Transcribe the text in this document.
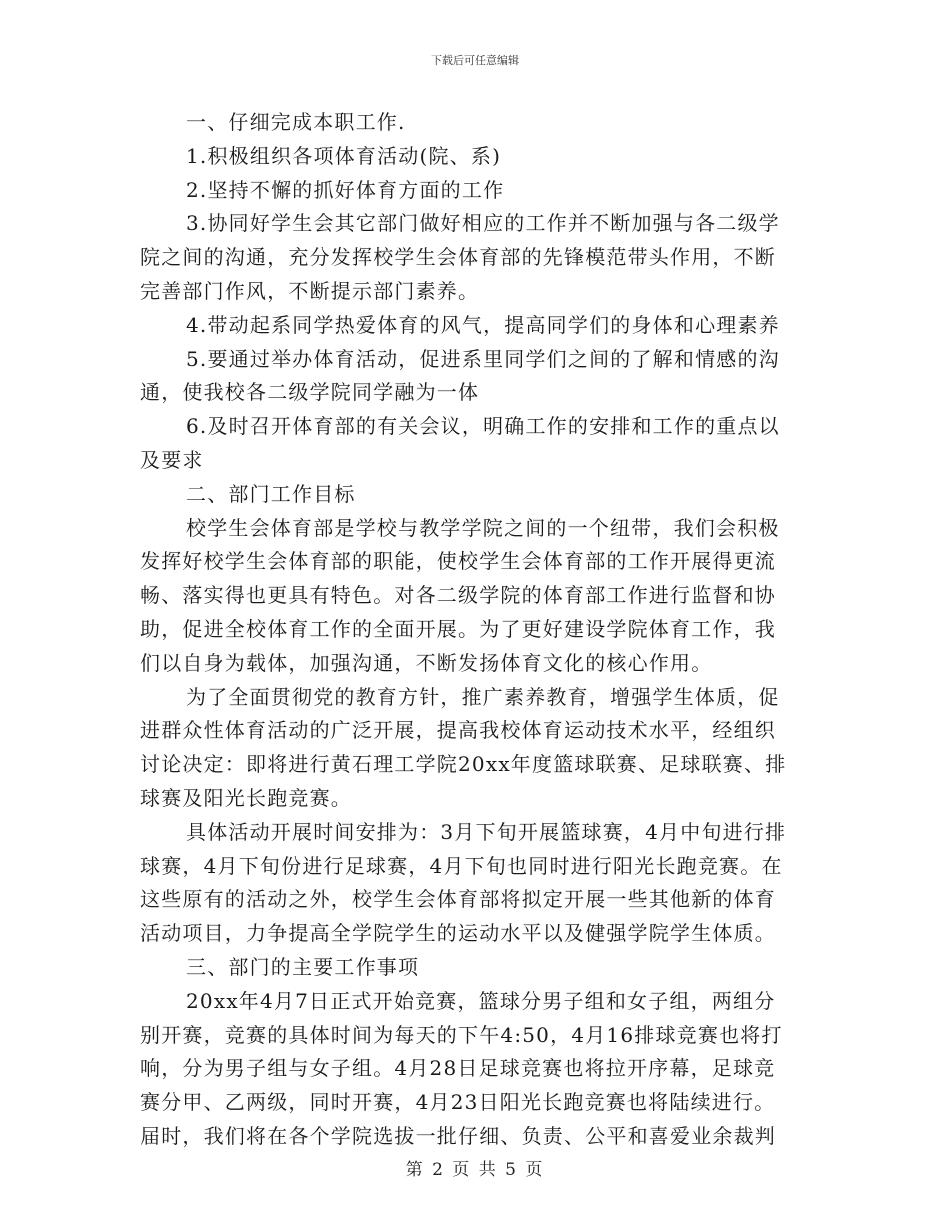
下载后可任意编辑
一、仔细完成本职工作.
1.积极组织各项体育活动(院、系)
2.坚持不懈的抓好体育方面的工作
3.协同好学生会其它部门做好相应的工作并不断加强与各二级学
院之间的沟通，充分发挥校学生会体育部的先锋模范带头作用，不断
完善部门作风，不断提示部门素养。
4.带动起系同学热爱体育的风气，提高同学们的身体和心理素养
5.要通过举办体育活动，促进系里同学们之间的了解和情感的沟
通，使我校各二级学院同学融为一体
6.及时召开体育部的有关会议，明确工作的安排和工作的重点以
及要求
二、部门工作目标
校学生会体育部是学校与教学学院之间的一个纽带，我们会积极
发挥好校学生会体育部的职能，使校学生会体育部的工作开展得更流
畅、落实得也更具有特色。对各二级学院的体育部工作进行监督和协
助，促进全校体育工作的全面开展。为了更好建设学院体育工作，我
们以自身为载体，加强沟通，不断发扬体育文化的核心作用。
为了全面贯彻党的教育方针，推广素养教育，增强学生体质，促
进群众性体育活动的广泛开展，提高我校体育运动技术水平，经组织
讨论决定：即将进行黄石理工学院20xx年度篮球联赛、足球联赛、排
球赛及阳光长跑竞赛。
具体活动开展时间安排为：3月下旬开展篮球赛，4月中旬进行排
球赛，4月下旬份进行足球赛，4月下旬也同时进行阳光长跑竞赛。在
这些原有的活动之外，校学生会体育部将拟定开展一些其他新的体育
活动项目，力争提高全学院学生的运动水平以及健强学院学生体质。
三、部门的主要工作事项
20xx年4月7日正式开始竞赛，篮球分男子组和女子组，两组分
别开赛，竞赛的具体时间为每天的下午4:50，4月16排球竞赛也将打
响，分为男子组与女子组。4月28日足球竞赛也将拉开序幕，足球竞
赛分甲、乙两级，同时开赛，4月23日阳光长跑竞赛也将陆续进行。
届时，我们将在各个学院选拔一批仔细、负责、公平和喜爱业余裁判
第 2 页 共 5 页
